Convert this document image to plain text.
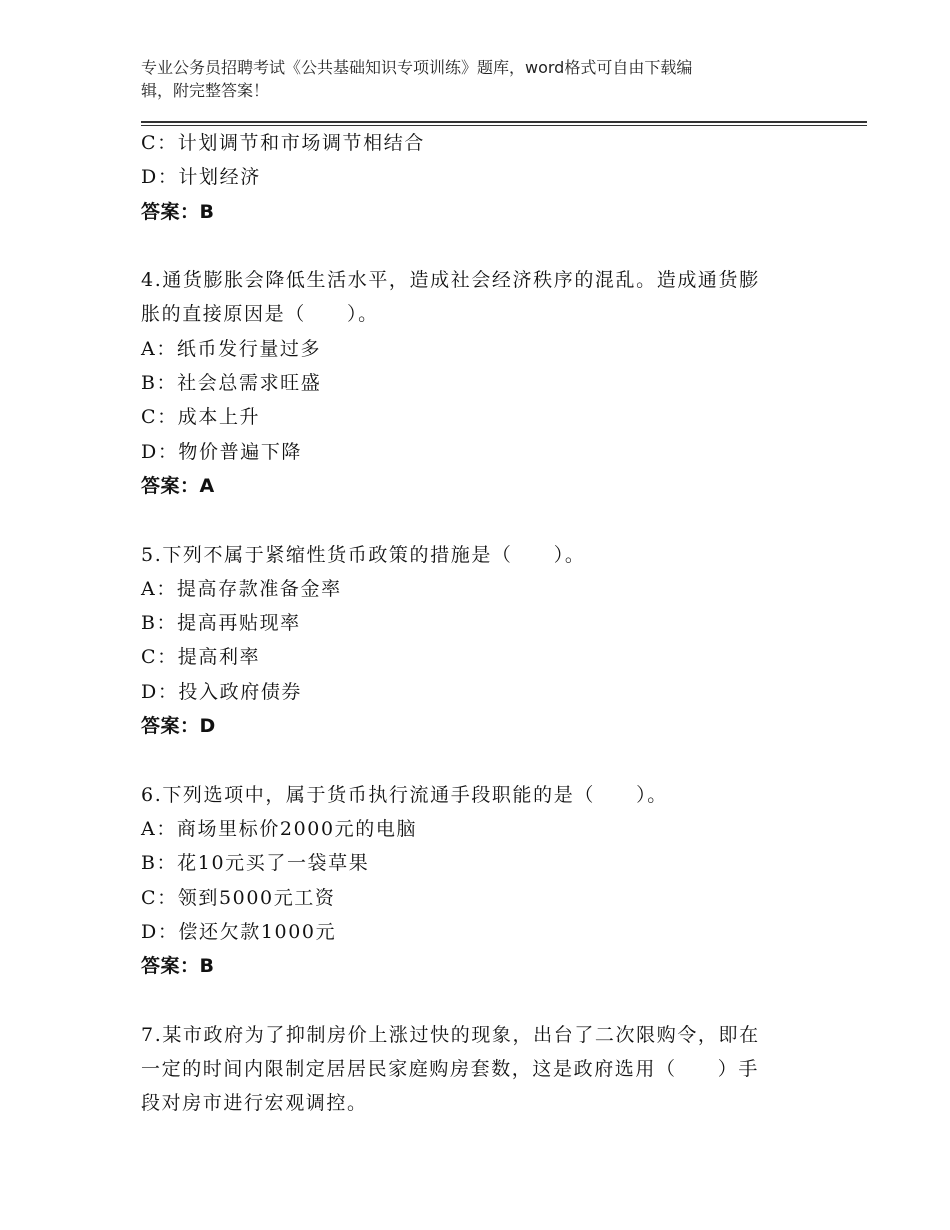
专业公务员招聘考试《公共基础知识专项训练》题库，word格式可自由下载编
辑，附完整答案！
C：计划调节和市场调节相结合
D：计划经济
答案：B
4.通货膨胀会降低生活水平，造成社会经济秩序的混乱。造成通货膨
胀的直接原因是（　　）。
A：纸币发行量过多
B：社会总需求旺盛
C：成本上升
D：物价普遍下降
答案：A
5.下列不属于紧缩性货币政策的措施是（　　）。
A：提高存款准备金率
B：提高再贴现率
C：提高利率
D：投入政府债券
答案：D
6.下列选项中，属于货币执行流通手段职能的是（　　）。
A：商场里标价2000元的电脑
B：花10元买了一袋草果
C：领到5000元工资
D：偿还欠款1000元
答案：B
7.某市政府为了抑制房价上涨过快的现象，出台了二次限购令，即在
一定的时间内限制定居居民家庭购房套数，这是政府选用（　　）手
段对房市进行宏观调控。
